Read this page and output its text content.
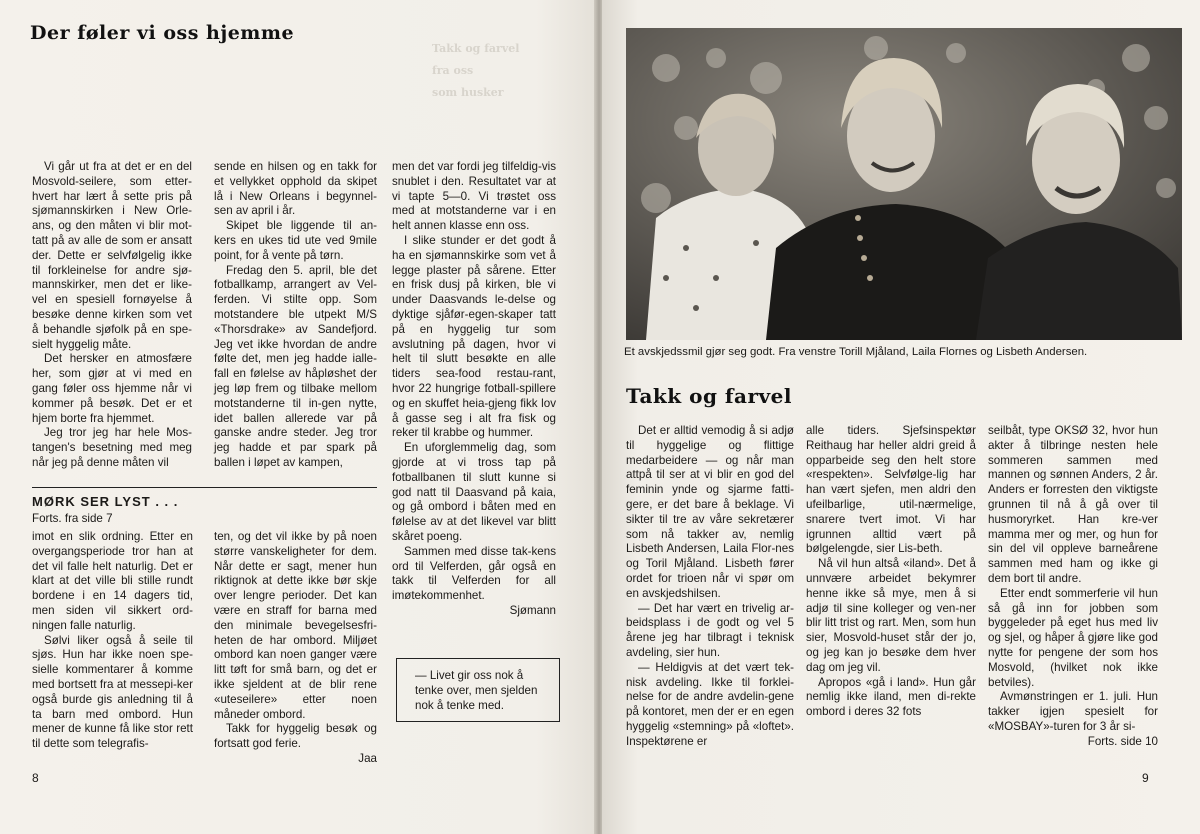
Takk og farvel
fra oss
som husker
Der føler vi oss hjemme

Vi går ut fra at det er en del Mosvold-seilere, som etter-hvert har lært å sette pris på sjømannskirken i New Orle-ans, og den måten vi blir mot-tatt på av alle de som er ansatt der. Dette er selvfølgelig ikke til forkleinelse for andre sjø-mannskirker, men det er like-vel en spesiell fornøyelse å besøke denne kirken som vet å behandle sjøfolk på en spe-sielt hyggelig måte.

Det hersker en atmosfære her, som gjør at vi med en gang føler oss hjemme når vi kommer på besøk. Det er et hjem borte fra hjemmet.

Jeg tror jeg har hele Mos-tangen's besetning med meg når jeg på denne måten vil

sende en hilsen og en takk for et vellykket opphold da skipet lå i New Orleans i begynnel-sen av april i år.

Skipet ble liggende til an-kers en ukes tid ute ved 9mile point, for å vente på tørn.

Fredag den 5. april, ble det fotballkamp, arrangert av Vel-ferden. Vi stilte opp. Som motstandere ble utpekt M/S «Thorsdrake» av Sandefjord. Jeg vet ikke hvordan de andre følte det, men jeg hadde ialle-fall en følelse av håpløshet der jeg løp frem og tilbake mellom motstanderne til in-gen nytte, idet ballen allerede var på ganske andre steder. Jeg tror jeg hadde et par spark på ballen i løpet av kampen,

men det var fordi jeg tilfeldig-vis snublet i den. Resultatet var at vi tapte 5—0. Vi trøstet oss med at motstanderne var i en helt annen klasse enn oss.

I slike stunder er det godt å ha en sjømannskirke som vet å legge plaster på sårene. Etter en frisk dusj på kirken, ble vi under Daasvands le-delse og dyktige sjåfør-egen-skaper tatt på en hyggelig tur som avslutning på dagen, hvor vi helt til slutt besøkte en alle tiders sea-food restau-rant, hvor 22 hungrige fotball-spillere og en skuffet heia-gjeng fikk lov å gasse seg i alt fra fisk og reker til krabbe og hummer.

En uforglemmelig dag, som gjorde at vi tross tap på fotballbanen til slutt kunne si god natt til Daasvand på kaia, og gå ombord i båten med en følelse av at det likevel var blitt skåret poeng.

Sammen med disse tak-kens ord til Velferden, går også en takk til Velferden for all imøtekommenhet.

Sjømann

MØRK SER LYST . . .
Forts. fra side 7

imot en slik ordning. Etter en overgangsperiode tror han at det vil falle helt naturlig. Det er klart at det ville bli stille rundt bordene i en 14 dagers tid, men siden vil sikkert ord-ningen falle naturlig.

Sølvi liker også å seile til sjøs. Hun har ikke noen spe-sielle kommentarer å komme med bortsett fra at messepi-ker også burde gis anledning til å ta barn med ombord. Hun mener de kunne få like stor rett til dette som telegrafis-

ten, og det vil ikke by på noen større vanskeligheter for dem. Når dette er sagt, mener hun riktignok at dette ikke bør skje over lengre perioder. Det kan være en straff for barna med den minimale bevegelsesfri-heten de har ombord. Miljøet ombord kan noen ganger være litt tøft for små barn, og det er ikke sjeldent at de blir rene «uteseilere» etter noen måneder ombord.

Takk for hyggelig besøk og fortsatt god ferie.

Jaa

— Livet gir oss nok å tenke over, men sjelden nok å tenke med.
8

Et avskjedssmil gjør seg godt. Fra venstre Torill Mjåland, Laila Flornes og Lisbeth Andersen.

Takk og farvel

Det er alltid vemodig å si adjø til hyggelige og flittige medarbeidere — og når man attpå til ser at vi blir en god del feminin ynde og sjarme fatti-gere, er det bare å beklage. Vi sikter til tre av våre sekretærer som nå takker av, nemlig Lisbeth Andersen, Laila Flor-nes og Toril Mjåland. Lisbeth fører ordet for trioen når vi spør om en avskjedshilsen.

— Det har vært en trivelig ar-beidsplass i de godt og vel 5 årene jeg har tilbragt i teknisk avdeling, sier hun.

— Heldigvis at det vært tek-nisk avdeling. Ikke til forklei-nelse for de andre avdelin-gene på kontoret, men der er en egen hyggelig «stemning» på «loftet». Inspektørene er

alle tiders. Sjefsinspektør Reithaug har heller aldri greid å opparbeide seg den helt store «respekten». Selvfølge-lig har han vært sjefen, men aldri den ufeilbarlige, util-nærmelige, snarere tvert imot. Vi har igrunnen alltid vært på bølgelengde, sier Lis-beth.

Nå vil hun altså «iland». Det å unnvære arbeidet bekymrer henne ikke så mye, men å si adjø til sine kolleger og ven-ner blir litt trist og rart. Men, som hun sier, Mosvold-huset står der jo, og jeg kan jo besøke dem hver dag om jeg vil.

Apropos «gå i land». Hun går nemlig ikke iland, men di-rekte ombord i deres 32 fots

seilbåt, type OKSØ 32, hvor hun akter å tilbringe nesten hele sommeren sammen med mannen og sønnen Anders, 2 år. Anders er forresten den viktigste grunnen til nå å gå over til husmoryrket. Han kre-ver mamma mer og mer, og hun for sin del vil oppleve barneårene sammen med ham og ikke gi dem bort til andre.

Etter endt sommerferie vil hun så gå inn for jobben som byggeleder på eget hus med liv og sjel, og håper å gjøre like god nytte for pengene der som hos Mosvold, (hvilket nok ikke betviles).

Avmønstringen er 1. juli. Hun takker igjen spesielt for «MOSBAY»-turen for 3 år si-

Forts. side 10

9
